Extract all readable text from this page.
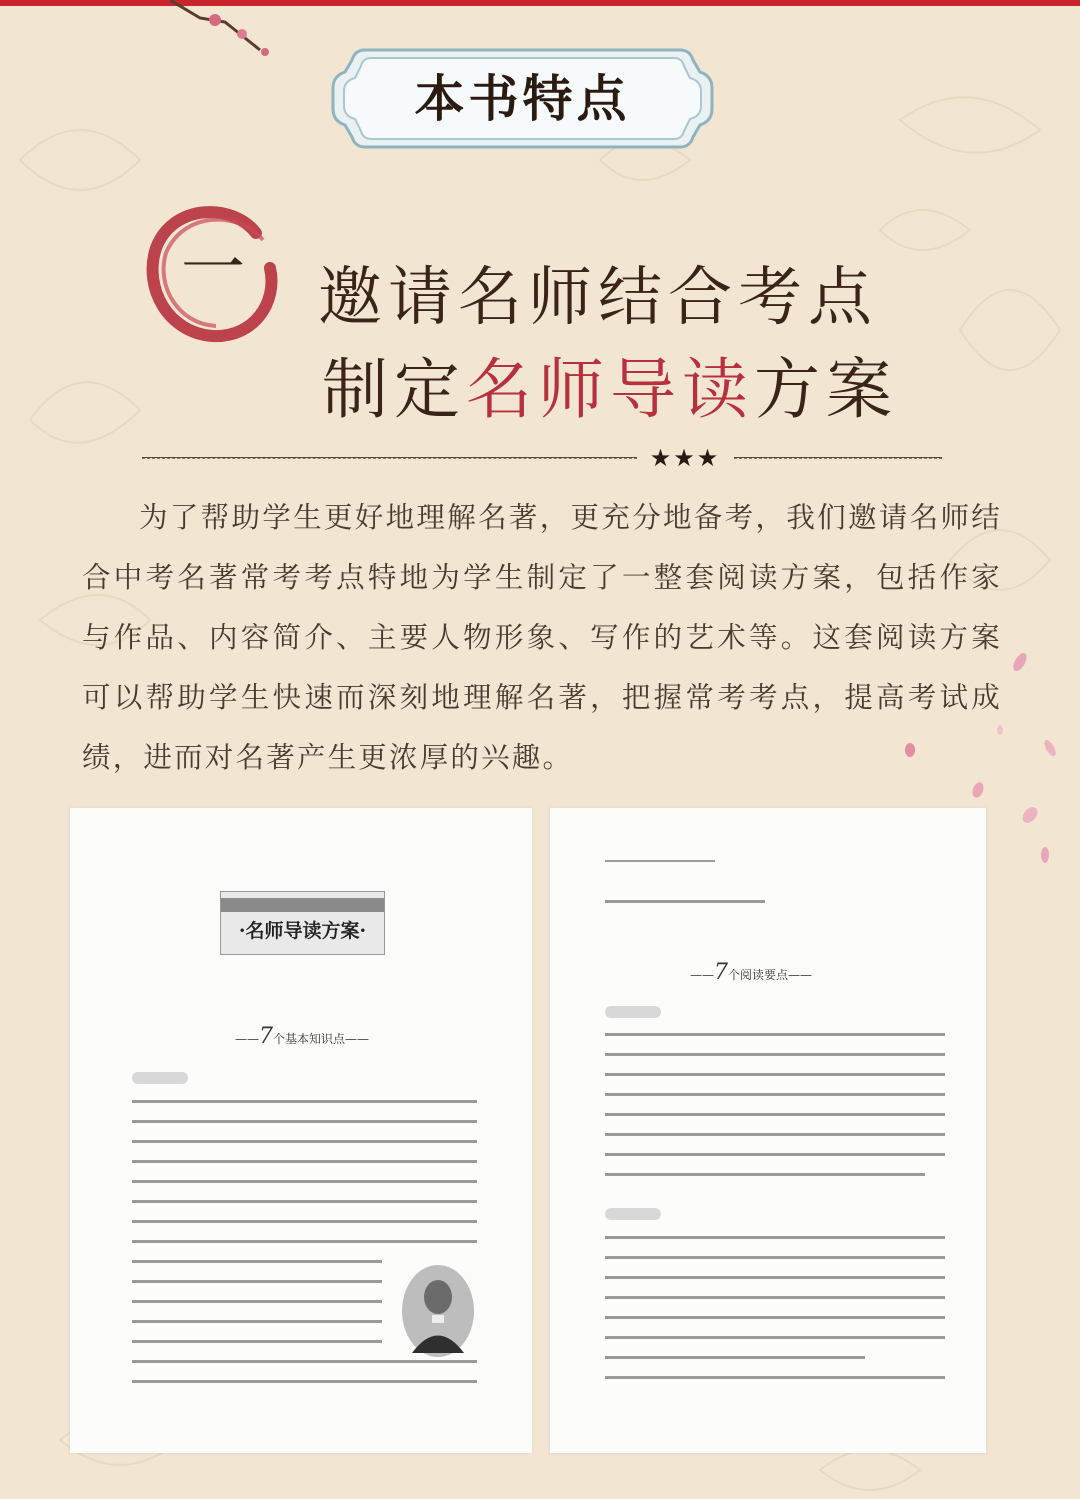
本书特点
一	邀请名师结合考点
制定名师导读方案
★★★
为了帮助学生更好地理解名著，更充分地备考，我们邀请名师结合中考名著常考考点特地为学生制定了一整套阅读方案，包括作家与作品、内容简介、主要人物形象、写作的艺术等。这套阅读方案可以帮助学生快速而深刻地理解名著，把握常考考点，提高考试成绩，进而对名著产生更浓厚的兴趣。
·名师导读方案·
——7个基本知识点——
——7个阅读要点——
